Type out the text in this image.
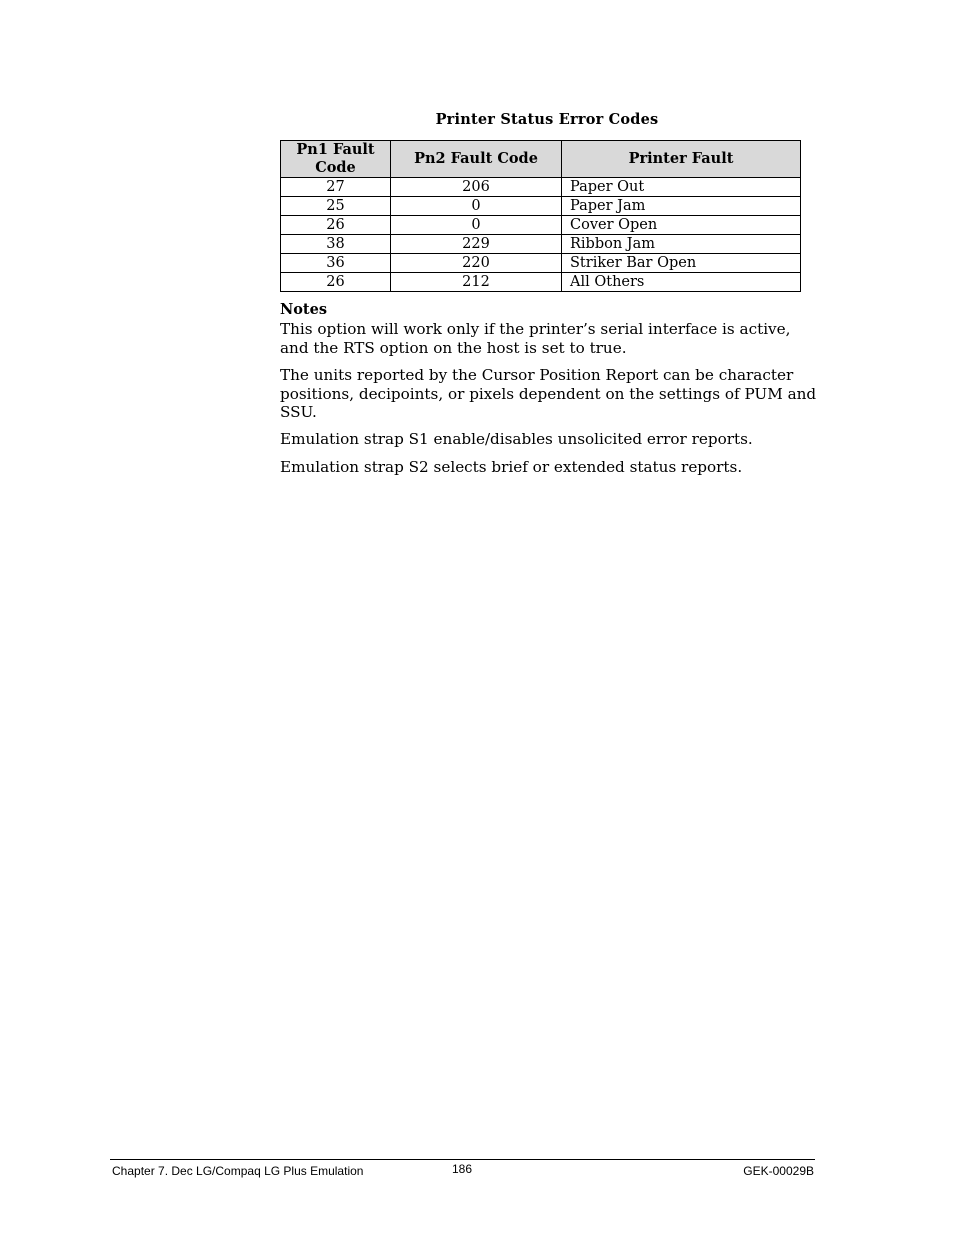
Printer Status Error Codes
Pn1 Fault Code	Pn2 Fault Code	Printer Fault
27	206	Paper Out
25	0	Paper Jam
26	0	Cover Open
38	229	Ribbon Jam
36	220	Striker Bar Open
26	212	All Others
Notes
This option will work only if the printer’s serial interface is active, and the RTS option on the host is set to true.
The units reported by the Cursor Position Report can be character positions, decipoints, or pixels dependent on the settings of PUM and SSU.
Emulation strap S1 enable/disables unsolicited error reports.
Emulation strap S2 selects brief or extended status reports.
Chapter 7. Dec LG/Compaq LG Plus Emulation	186	GEK-00029B
